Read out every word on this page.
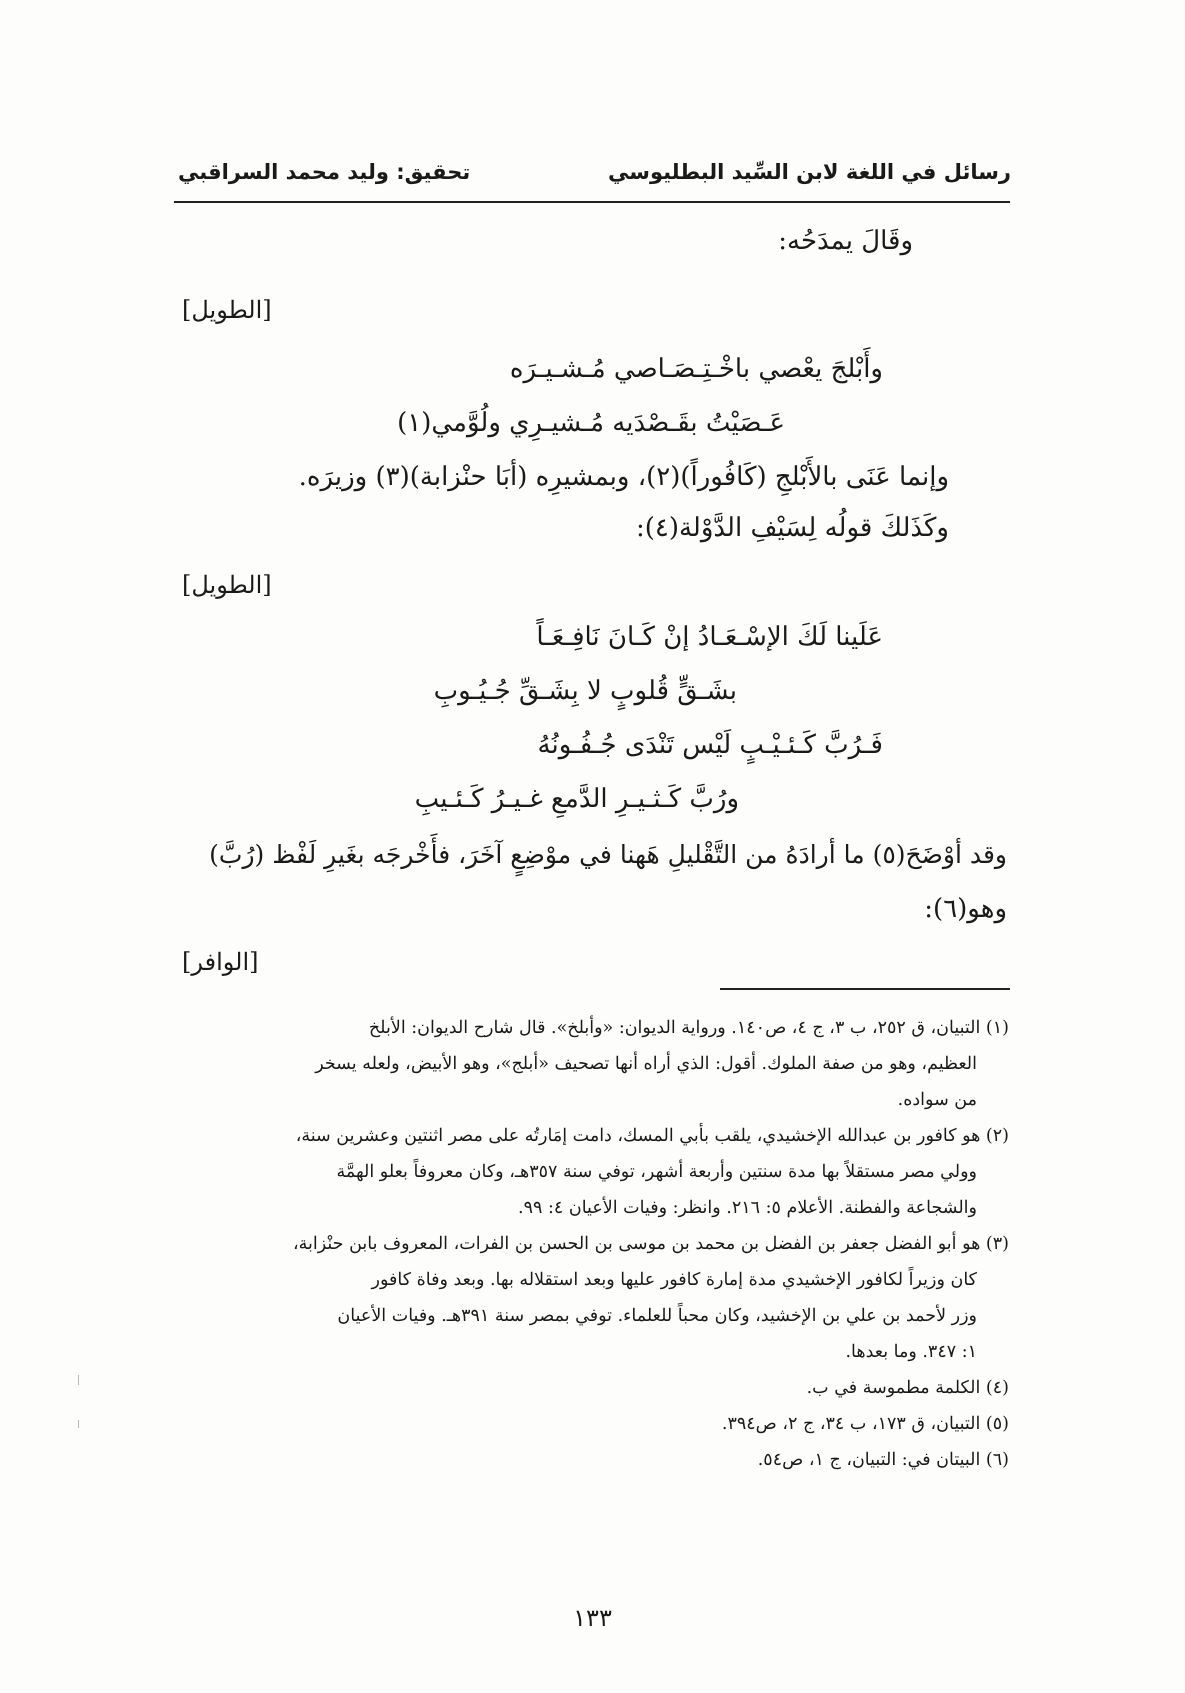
رسائل في اللغة لابن السِّيد البطليوسي
تحقيق: وليد محمد السراقبي
وقَالَ يمدَحُه:
[الطويل]
وأَبْلجَ يعْصي باخْـتِـصَـاصي مُـشـيـرَه
عَـصَيْتُ بقَـصْدَيه مُـشيـرِي ولُوَّمي(١)
وإنما عَنَى بالأَبْلجِ (كَافُوراً)(٢)، وبمشيرِه (أبَا حنْزابة)(٣) وزيرَه.
وكَذَلكَ قولُه لِسَيْفِ الدَّوْلة(٤):
[الطويل]
عَلَينا لَكَ الإسْـعَـادُ إنْ كَـانَ نَافِـعَـاً
بشَـقٍّ قُلوبٍ لا بِشَـقِّ جُـيُـوبِ
فَـرُبَّ كَـئـيْـبٍ لَيْس تَنْدَى جُـفُـونُهُ
ورُبَّ كَـثـيـرِ الدَّمعِ غـيـرُ كَـئـيبِ
وقد أوْضَحَ(٥) ما أرادَهُ من التَّقْليلِ هَهنا في موْضِعٍ آخَرَ، فأَخْرجَه بغَيرِ لَفْظ (رُبَّ)
وهو(٦):
[الوافر]
(١) التبيان، ق ٢٥٢، ب ٣، ج ٤، ص١٤٠. ورواية الديوان: «وأبلخ». قال شارح الديوان: الأبلخ
العظيم، وهو من صفة الملوك. أقول: الذي أراه أنها تصحيف «أبلج»، وهو الأبيض، ولعله يسخر
من سواده.
(٢) هو كافور بن عبدالله الإخشيدي، يلقب بأبي المسك، دامت إمَارتُه على مصر اثنتين وعشرين سنة،
وولي مصر مستقلاً بها مدة سنتين وأربعة أشهر، توفي سنة ٣٥٧هـ، وكان معروفاً بعلو الهمَّة
والشجاعة والفطنة. الأعلام ٥: ٢١٦. وانظر: وفيات الأعيان ٤: ٩٩.
(٣) هو أبو الفضل جعفر بن الفضل بن محمد بن موسى بن الحسن بن الفرات، المعروف بابن حنْزابة،
كان وزيراً لكافور الإخشيدي مدة إمارة كافور عليها وبعد استقلاله بها. وبعد وفاة كافور
وزر لأحمد بن علي بن الإخشيد، وكان محباً للعلماء. توفي بمصر سنة ٣٩١هـ. وفيات الأعيان
١: ٣٤٧. وما بعدها.
(٤) الكلمة مطموسة في ب.
(٥) التبيان، ق ١٧٣، ب ٣٤، ج ٢، ص٣٩٤.
(٦) البيتان في: التبيان، ج ١، ص٥٤.
١٣٣
